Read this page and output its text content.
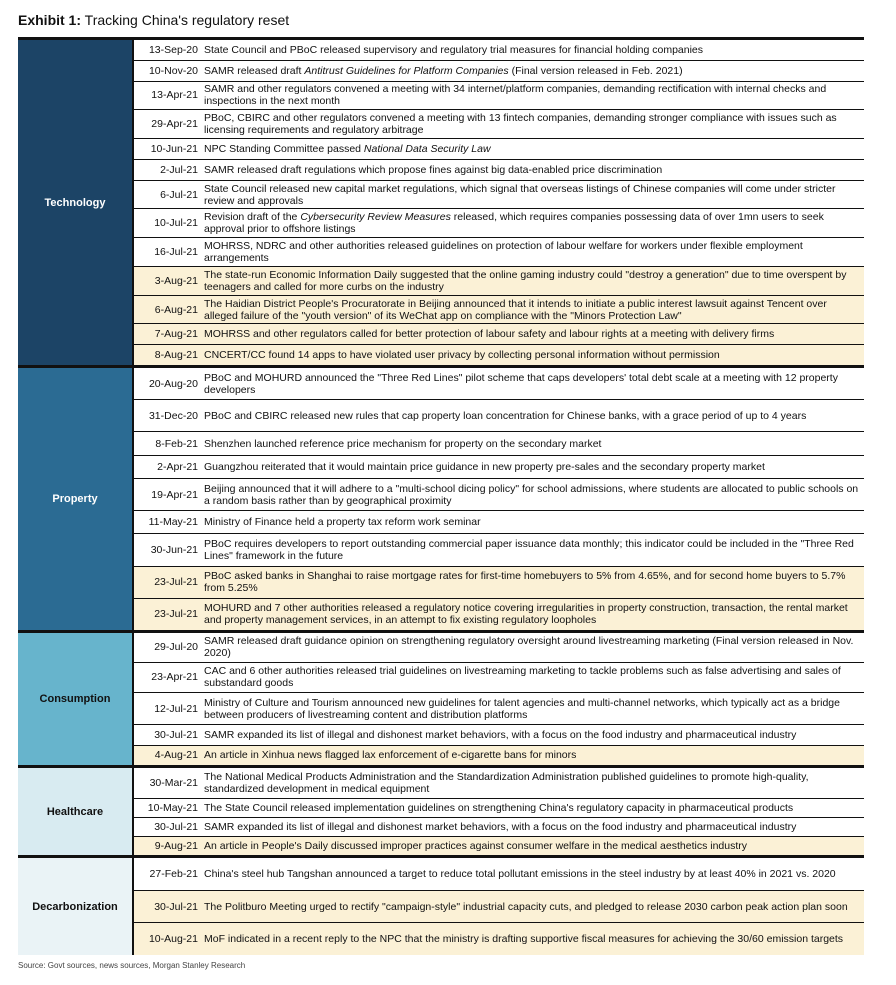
Exhibit 1: Tracking China's regulatory reset
Technology
13-Sep-20 State Council and PBoC released supervisory and regulatory trial measures for financial holding companies
10-Nov-20 SAMR released draft Antitrust Guidelines for Platform Companies (Final version released in Feb. 2021)
13-Apr-21 SAMR and other regulators convened a meeting with 34 internet/platform companies, demanding rectification with internal checks and inspections in the next month
29-Apr-21 PBoC, CBIRC and other regulators convened a meeting with 13 fintech companies, demanding stronger compliance with issues such as licensing requirements and regulatory arbitrage
10-Jun-21 NPC Standing Committee passed National Data Security Law
2-Jul-21 SAMR released draft regulations which propose fines against big data-enabled price discrimination
6-Jul-21 State Council released new capital market regulations, which signal that overseas listings of Chinese companies will come under stricter review and approvals
10-Jul-21 Revision draft of the Cybersecurity Review Measures released, which requires companies possessing data of over 1mn users to seek approval prior to offshore listings
16-Jul-21 MOHRSS, NDRC and other authorities released guidelines on protection of labour welfare for workers under flexible employment arrangements
3-Aug-21 The state-run Economic Information Daily suggested that the online gaming industry could "destroy a generation" due to time overspent by teenagers and called for more curbs on the industry
6-Aug-21 The Haidian District People's Procuratorate in Beijing announced that it intends to initiate a public interest lawsuit against Tencent over alleged failure of the "youth version" of its WeChat app on compliance with the "Minors Protection Law"
7-Aug-21 MOHRSS and other regulators called for better protection of labour safety and labour rights at a meeting with delivery firms
8-Aug-21 CNCERT/CC found 14 apps to have violated user privacy by collecting personal information without permission
Property
20-Aug-20 PBoC and MOHURD announced the "Three Red Lines" pilot scheme that caps developers' total debt scale at a meeting with 12 property developers
31-Dec-20 PBoC and CBIRC released new rules that cap property loan concentration for Chinese banks, with a grace period of up to 4 years
8-Feb-21 Shenzhen launched reference price mechanism for property on the secondary market
2-Apr-21 Guangzhou reiterated that it would maintain price guidance in new property pre-sales and the secondary property market
19-Apr-21 Beijing announced that it will adhere to a "multi-school dicing policy" for school admissions, where students are allocated to public schools on a random basis rather than by geographical proximity
11-May-21 Ministry of Finance held a property tax reform work seminar
30-Jun-21 PBoC requires developers to report outstanding commercial paper issuance data monthly; this indicator could be included in the "Three Red Lines" framework in the future
23-Jul-21 PBoC asked banks in Shanghai to raise mortgage rates for first-time homebuyers to 5% from 4.65%, and for second home buyers to 5.7% from 5.25%
23-Jul-21 MOHURD and 7 other authorities released a regulatory notice covering irregularities in property construction, transaction, the rental market and property management services, in an attempt to fix existing regulatory loopholes
Consumption
29-Jul-20 SAMR released draft guidance opinion on strengthening regulatory oversight around livestreaming marketing (Final version released in Nov. 2020)
23-Apr-21 CAC and 6 other authorities released trial guidelines on livestreaming marketing to tackle problems such as false advertising and sales of substandard goods
12-Jul-21 Ministry of Culture and Tourism announced new guidelines for talent agencies and multi-channel networks, which typically act as a bridge between producers of livestreaming content and distribution platforms
30-Jul-21 SAMR expanded its list of illegal and dishonest market behaviors, with a focus on the food industry and pharmaceutical industry
4-Aug-21 An article in Xinhua news flagged lax enforcement of e-cigarette bans for minors
Healthcare
30-Mar-21 The National Medical Products Administration and the Standardization Administration published guidelines to promote high-quality, standardized development in medical equipment
10-May-21 The State Council released implementation guidelines on strengthening China's regulatory capacity in pharmaceutical products
30-Jul-21 SAMR expanded its list of illegal and dishonest market behaviors, with a focus on the food industry and pharmaceutical industry
9-Aug-21 An article in People's Daily discussed improper practices against consumer welfare in the medical aesthetics industry
Decarbonization
27-Feb-21 China's steel hub Tangshan announced a target to reduce total pollutant emissions in the steel industry by at least 40% in 2021 vs. 2020
30-Jul-21 The Politburo Meeting urged to rectify "campaign-style" industrial capacity cuts, and pledged to release 2030 carbon peak action plan soon
10-Aug-21 MoF indicated in a recent reply to the NPC that the ministry is drafting supportive fiscal measures for achieving the 30/60 emission targets
Source: Govt sources, news sources, Morgan Stanley Research
